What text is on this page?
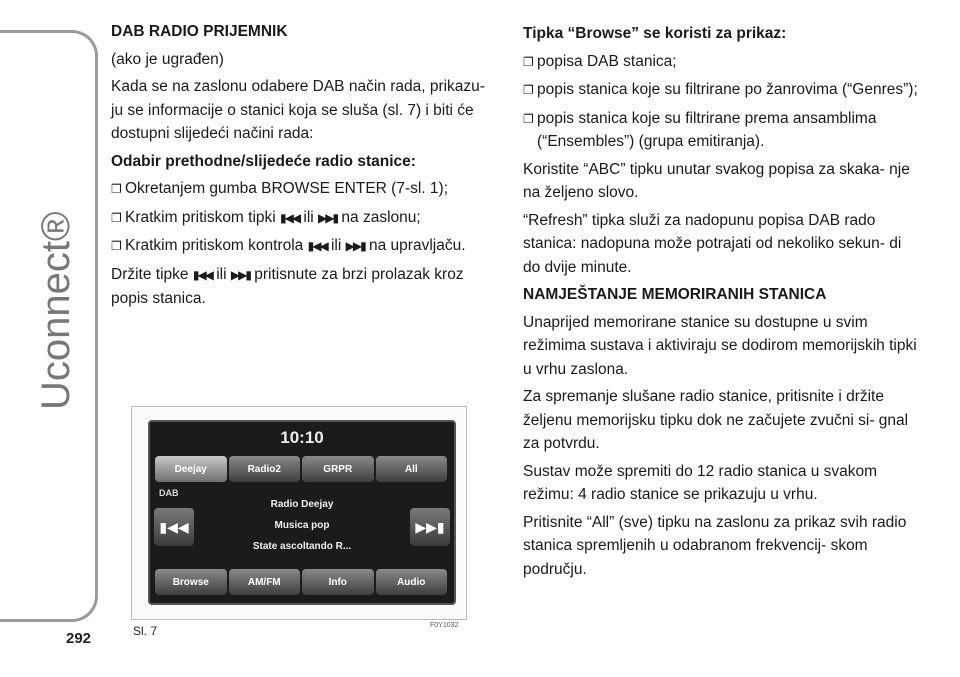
Uconnect®
292

DAB RADIO PRIJEMNIK

(ako je ugrađen)

Kada se na zaslonu odabere DAB način rada, prikazu- ju se informacije o stanici koja se sluša (sl. 7) i biti će dostupni slijedeći načini rada:

Odabir prethodne/slijedeće radio stanice:

❐
Okretanjem gumba BROWSE ENTER (7-sl. 1);
❐
Kratkim pritiskom tipki ▮◀◀ ili ▶▶▮ na zaslonu;
❐
Kratkim pritiskom kontrola ▮◀◀ ili ▶▶▮ na upravljaču.

Držite tipke ▮◀◀ ili ▶▶▮ pritisnute za brzi prolazak kroz popis stanica.

Tipka “Browse” se koristi za prikaz:

❐
popisa DAB stanica;
❐
popis stanica koje su filtrirane po žanrovima (“Genres”);
❐
popis stanica koje su filtrirane prema ansamblima (“Ensembles”) (grupa emitiranja).

Koristite “ABC” tipku unutar svakog popisa za skaka- nje na željeno slovo.

“Refresh” tipka služi za nadopunu popisa DAB rado stanica: nadopuna može potrajati od nekoliko sekun- di do dvije minute.

NAMJEŠTANJE MEMORIRANIH STANICA

Unaprijed memorirane stanice su dostupne u svim režimima sustava i aktiviraju se dodirom memorijskih tipki u vrhu zaslona.

Za spremanje slušane radio stanice, pritisnite i držite željenu memorijsku tipku dok ne začujete zvučni si- gnal za potvrdu.

Sustav može spremiti do 12 radio stanica u svakom režimu: 4 radio stanice se prikazuju u vrhu.

Pritisnite “All” (sve) tipku na zaslonu za prikaz svih radio stanica spremljenih u odabranom frekvencij- skom području.

10:10
Deejay	Radio2	GRPR	All
DAB
▮◀◀
Radio Deejay
Musica pop
State ascoltando R...
▶▶▮
Browse	AM/FM	Info	Audio
Sl. 7	F0Y1032
